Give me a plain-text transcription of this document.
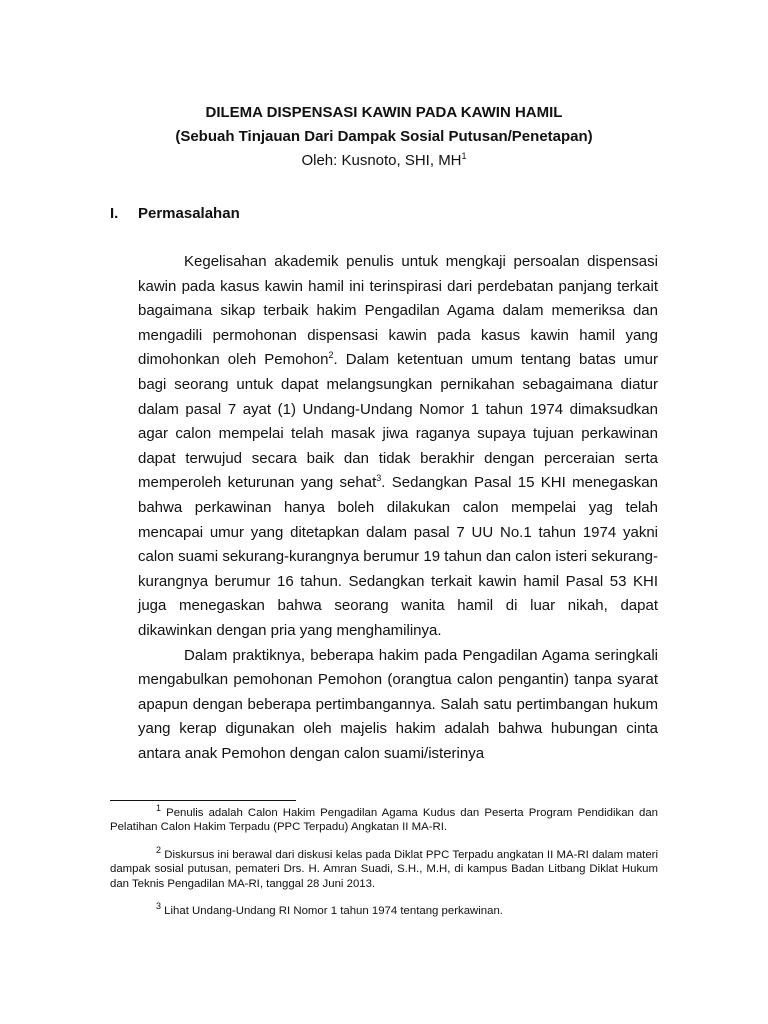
DILEMA DISPENSASI KAWIN PADA KAWIN HAMIL
(Sebuah Tinjauan Dari Dampak Sosial Putusan/Penetapan)
Oleh: Kusnoto, SHI, $MH^1$
I. Permasalahan

Kegelisahan akademik penulis untuk mengkaji persoalan dispensasi kawin pada kasus kawin hamil ini terinspirasi dari perdebatan panjang terkait bagaimana sikap terbaik hakim Pengadilan Agama dalam memeriksa dan mengadili permohonan dispensasi kawin pada kasus kawin hamil yang dimohonkan oleh Pemohon$^2$. Dalam ketentuan umum tentang batas umur bagi seorang untuk dapat melangsungkan pernikahan sebagaimana diatur dalam pasal 7 ayat (1) Undang-Undang Nomor 1 tahun 1974 dimaksudkan agar calon mempelai telah masak jiwa raganya supaya tujuan perkawinan dapat terwujud secara baik dan tidak berakhir dengan perceraian serta memperoleh keturunan yang sehat$^3$. Sedangkan Pasal 15 KHI menegaskan bahwa perkawinan hanya boleh dilakukan calon mempelai yag telah mencapai umur yang ditetapkan dalam pasal 7 UU No.1 tahun 1974 yakni calon suami sekurang-kurangnya berumur 19 tahun dan calon isteri sekurang-kurangnya berumur 16 tahun. Sedangkan terkait kawin hamil Pasal 53 KHI juga menegaskan bahwa seorang wanita hamil di luar nikah, dapat dikawinkan dengan pria yang menghamilinya.

Dalam praktiknya, beberapa hakim pada Pengadilan Agama seringkali mengabulkan pemohonan Pemohon (orangtua calon pengantin) tanpa syarat apapun dengan beberapa pertimbangannya. Salah satu pertimbangan hukum yang kerap digunakan oleh majelis hakim adalah bahwa hubungan cinta antara anak Pemohon dengan calon suami/isterinya

$^1$ Penulis adalah Calon Hakim Pengadilan Agama Kudus dan Peserta Program Pendidikan dan Pelatihan Calon Hakim Terpadu (PPC Terpadu) Angkatan II MA-RI.

$^2$ Diskursus ini berawal dari diskusi kelas pada Diklat PPC Terpadu angkatan II MA-RI dalam materi dampak sosial putusan, pemateri Drs. H. Amran Suadi, S.H., M.H, di kampus Badan Litbang Diklat Hukum dan Teknis Pengadilan MA-RI, tanggal 28 Juni 2013.

$^3$ Lihat Undang-Undang RI Nomor 1 tahun 1974 tentang perkawinan.
